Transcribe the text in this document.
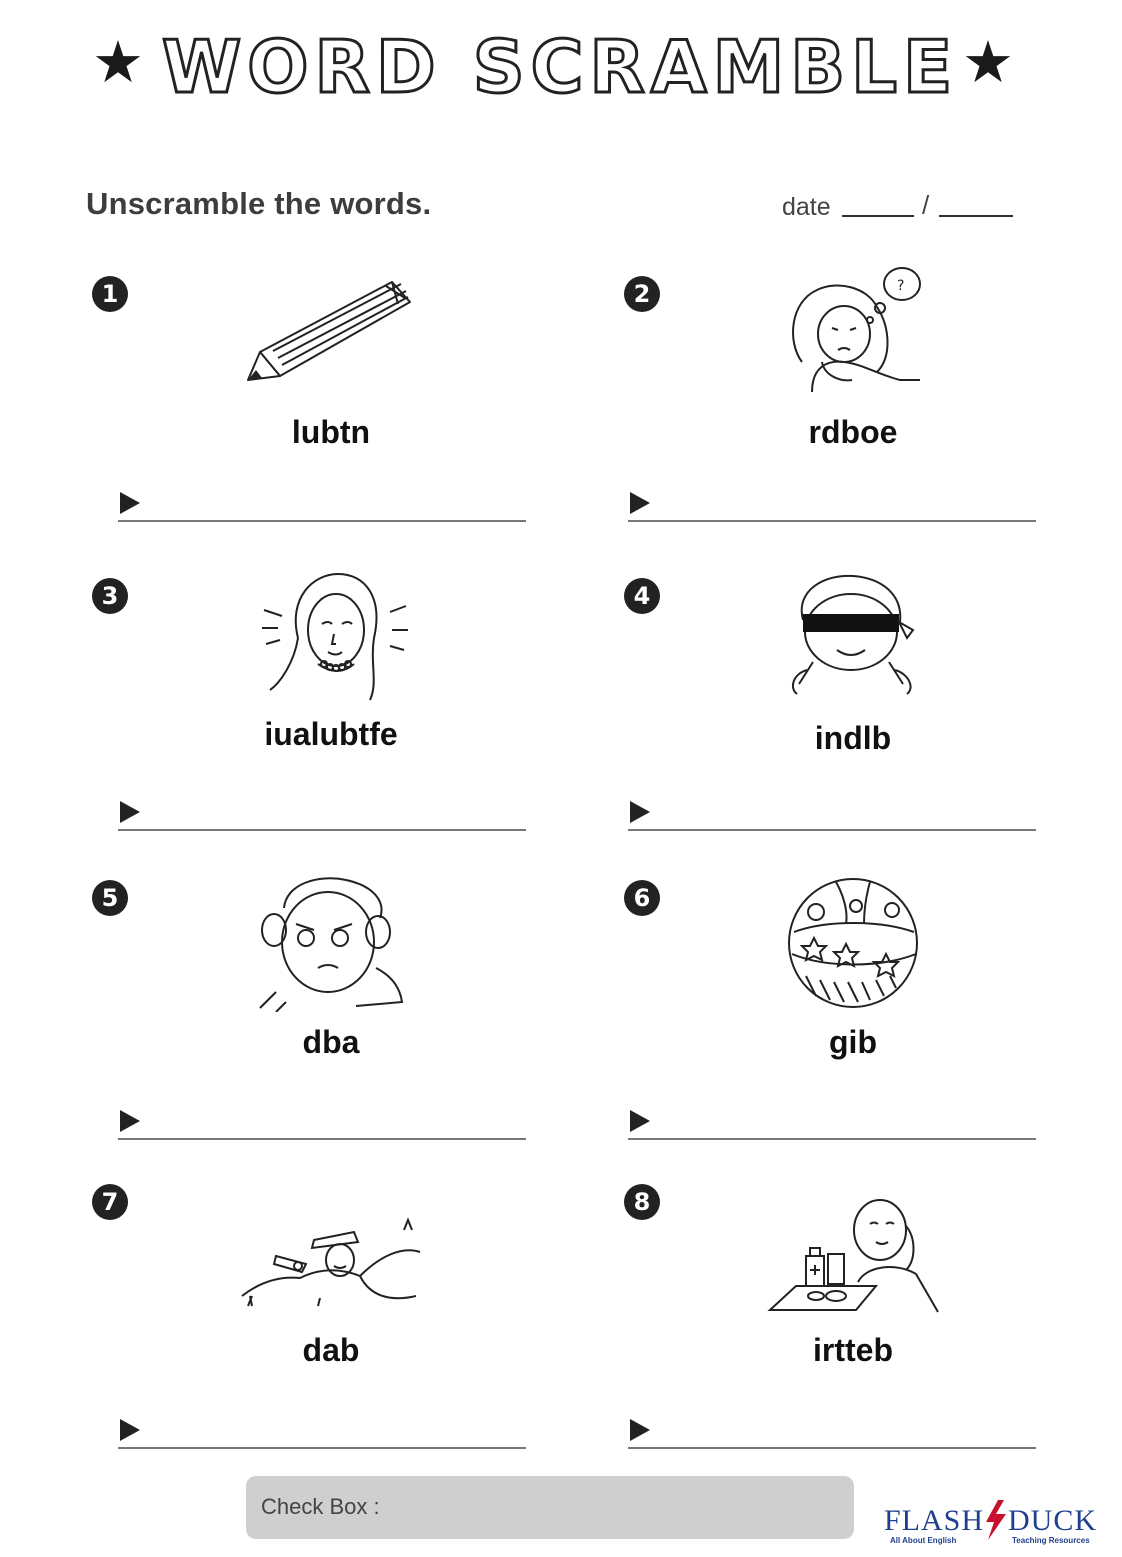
★ WORD SCRAMBLE ★
Unscramble the words.	date	/
1
lubtn
2	?
rdboe
3
iualubtfe
4
indlb
5
dba
6
gib
7
dab
8
irtteb
Check Box :	FLASH DUCK
All About English	Teaching Resources
